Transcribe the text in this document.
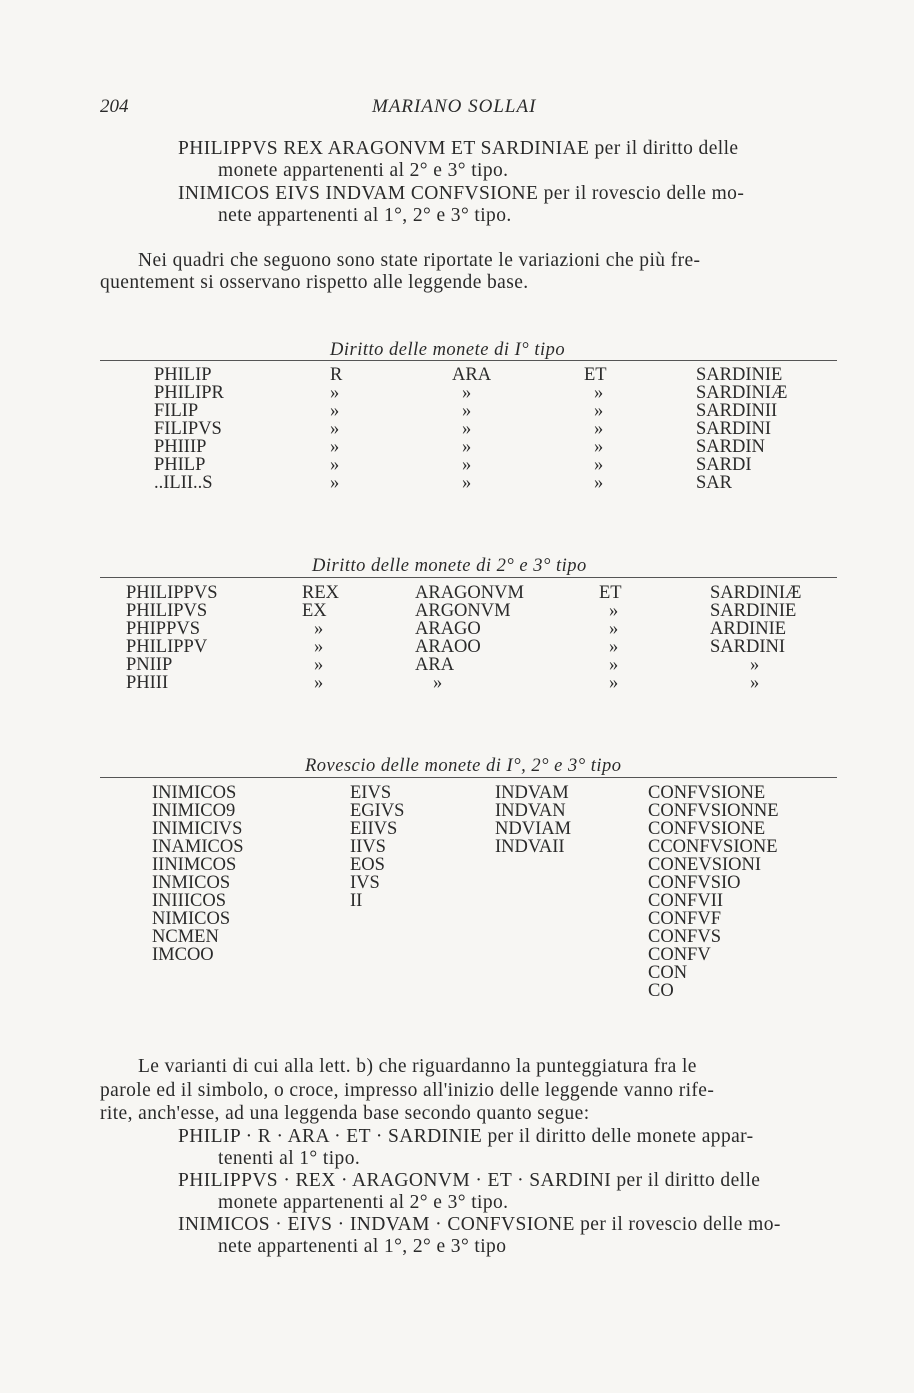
204	MARIANO SOLLAI
PHILIPPVS REX ARAGONVM ET SARDINIAE per il diritto delle
monete appartenenti al 2° e 3° tipo.
INIMICOS EIVS INDVAM CONFVSIONE per il rovescio delle mo-
nete appartenenti al 1°, 2° e 3° tipo.
Nei quadri che seguono sono state riportate le variazioni che più fre-
quentement si osservano rispetto alle leggende base.
Diritto delle monete di I° tipo
PHILIP
PHILIPR
FILIP
FILIPVS
PHIIIP
PHILP
..ILII..S
R
»
»
»
»
»
»
ARA
»
»
»
»
»
»
ET
»
»
»
»
»
»
SARDINIE
SARDINIÆ
SARDINII
SARDINI
SARDIN
SARDI
SAR
Diritto delle monete di 2° e 3° tipo
PHILIPPVS
PHILIPVS
PHIPPVS
PHILIPPV
PNIIP
PHIII
REX
EX
»
»
»
»
ARAGONVM
ARGONVM
ARAGO
ARAOO
ARA
»
ET
»
»
»
»
»
SARDINIÆ
SARDINIE
ARDINIE
SARDINI
»
»
Rovescio delle monete di I°, 2° e 3° tipo
INIMICOS
INIMICO9
INIMICIVS
INAMICOS
IINIMCOS
INMICOS
INIIICOS
NIMICOS
NCMEN
IMCOO
EIVS
EGIVS
EIIVS
IIVS
EOS
IVS
II
INDVAM
INDVAN
NDVIAM
INDVAII
CONFVSIONE
CONFVSIONNE
CONFVSIONE
CCONFVSIONE
CONEVSIONI
CONFVSIO
CONFVII
CONFVF
CONFVS
CONFV
CON
CO
Le varianti di cui alla lett. b) che riguardanno la punteggiatura fra le
parole ed il simbolo, o croce, impresso all'inizio delle leggende vanno rife-
rite, anch'esse, ad una leggenda base secondo quanto segue:
PHILIP · R · ARA · ET · SARDINIE per il diritto delle monete appar-
tenenti al 1° tipo.
PHILIPPVS · REX · ARAGONVM · ET · SARDINI per il diritto delle
monete appartenenti al 2° e 3° tipo.
INIMICOS · EIVS · INDVAM · CONFVSIONE per il rovescio delle mo-
nete appartenenti al 1°, 2° e 3° tipo
